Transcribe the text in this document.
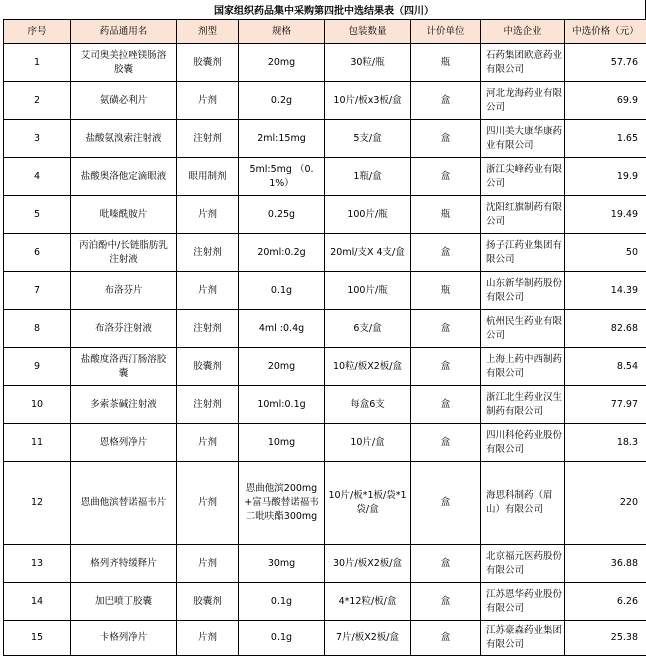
国家组织药品集中采购第四批中选结果表（四川）
序号	药品通用名	剂型	规格	包装数量	计价单位	中选企业	中选价格（元）
1	艾司奥美拉唑镁肠溶胶囊	胶囊剂	20mg	30粒/瓶	瓶	石药集团欧意药业有限公司	57.76
2	氨磺必利片	片剂	0.2g	10片/板x3板/盒	盒	河北龙海药业有限公司	69.9
3	盐酸氨溴索注射液	注射剂	2ml:15mg	5支/盒	盒	四川美大康华康药业有限公司	1.65
4	盐酸奥洛他定滴眼液	眼用制剂	5ml:5mg （0.1%）	1瓶/盒	盒	浙江尖峰药业有限公司	19.9
5	吡嗪酰胺片	片剂	0.25g	100片/瓶	瓶	沈阳红旗制药有限公司	19.49
6	丙泊酚中/长链脂肪乳注射液	注射剂	20ml:0.2g	20ml/支X 4支/盒	盒	扬子江药业集团有限公司	50
7	布洛芬片	片剂	0.1g	100片/瓶	瓶	山东新华制药股份有限公司	14.39
8	布洛芬注射液	注射剂	4ml :0.4g	6支/盒	盒	杭州民生药业有限公司	82.68
9	盐酸度洛西汀肠溶胶囊	胶囊剂	20mg	10粒/板X2板/盒	盒	上海上药中西制药有限公司	8.54
10	多索茶碱注射液	注射剂	10ml:0.1g	每盒6支	盒	浙江北生药业汉生制药有限公司	77.97
11	恩格列净片	片剂	10mg	10片/盒	盒	四川科伦药业股份有限公司	18.3
12	恩曲他滨替诺福韦片	片剂	恩曲他滨200mg+富马酸替诺福韦二吡呋酯300mg	10片/板*1板/袋*1 袋/盒	盒	海思科制药（眉山）有限公司	220
13	格列齐特缓释片	片剂	30mg	30片/板X2板/盒	盒	北京福元医药股份有限公司	36.88
14	加巴喷丁胶囊	胶囊剂	0.1g	4*12粒/板/盒	盒	江苏恩华药业股份有限公司	6.26
15	卡格列净片	片剂	0.1g	7片/板X2板/盒	盒	江苏豪森药业集团有限公司	25.38
